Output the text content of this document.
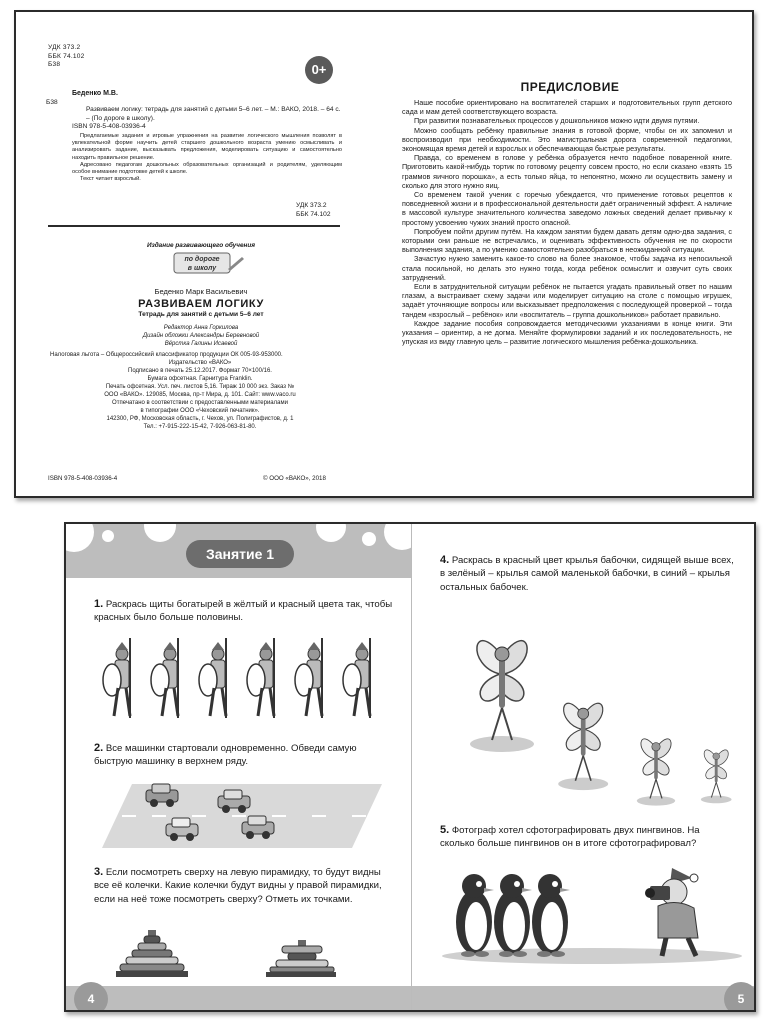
УДК 373.2
ББК 74.102
Б38	0+
Беденко М.В.
Б38
Развиваем логику: тетрадь для занятий с детьми 5–6 лет. – М.: ВАКО, 2018. – 64 с. – (По дороге в школу).
ISBN 978-5-408-03936-4

Предлагаемые задания и игровые упражнения на развитие логического мышления позволят в увлекательной форме научить детей старшего дошкольного возраста умению осмысливать и анализировать задание, высказывать предложения, моделировать ситуацию и самостоятельно находить правильное решение.

Адресовано педагогам дошкольных образовательных организаций и родителям, уделяющим особое внимание подготовке детей к школе.

Текст читает взрослый.

УДК 373.2
ББК 74.102
Издание развивающего обучения
по дороге
в школу
Беденко Марк Васильевич
РАЗВИВАЕМ ЛОГИКУ
Тетрадь для занятий с детьми 5–6 лет
Редактор Анна Горкилова
Дизайн обложки Александры Беревновой
Вёрстка Галины Исаевой
Налоговая льгота – Общероссийский классификатор продукции ОК 005-93-953000.
Издательство «ВАКО»
Подписано в печать 25.12.2017. Формат 70×100/16.
Бумага офсетная. Гарнитура Franklin.
Печать офсетная. Усл. печ. листов 5,16. Тираж 10 000 экз. Заказ №
ООО «ВАКО». 129085, Москва, пр-т Мира, д. 101. Сайт: www.vaco.ru
Отпечатано в соответствии с предоставленными материалами
в типографии ООО «Чеховский печатник».
142300, РФ, Московская область, г. Чехов, ул. Полиграфистов, д. 1
Тел.: +7-915-222-15-42, 7-926-063-81-80.
ISBN 978-5-408-03936-4	© ООО «ВАКО», 2018
ПРЕДИСЛОВИЕ

Наше пособие ориентировано на воспитателей старших и подготовительных групп детского сада и мам детей соответствующего возраста.

При развитии познавательных процессов у дошкольников можно идти двумя путями.

Можно сообщать ребёнку правильные знания в готовой форме, чтобы он их запомнил и воспроизводил при необходимости. Это магистральная дорога современной педагогики, экономящая время детей и взрослых и обеспечивающая быстрые результаты.

Правда, со временем в голове у ребёнка образуется нечто подобное поваренной книге. Приготовить какой-нибудь тортик по готовому рецепту совсем просто, но если сказано «взять 15 граммов яичного порошка», а есть только яйца, то непонятно, можно ли осуществить замену и сколько для этого нужно яиц.

Со временем такой ученик с горечью убеждается, что применение готовых рецептов к повседневной жизни и в профессиональной деятельности даёт ограниченный эффект. А наличие в массовой культуре значительного количества заведомо ложных сведений делает привычку к простому усвоению чужих знаний просто опасной.

Попробуем пойти другим путём. На каждом занятии будем давать детям одно-два задания, с которыми они раньше не встречались, и оценивать эффективность обучения не по скорости выполнения задания, а по умению самостоятельно разобраться в неожиданной ситуации.

Зачастую нужно заменить какое-то слово на более знакомое, чтобы задача из непосильной стала посильной, но делать это нужно тогда, когда ребёнок осмыслит и озвучит суть своих затруднений.

Если в затруднительной ситуации ребёнок не пытается угадать правильный ответ по нашим глазам, а выстраивает схему задачи или моделирует ситуацию на столе с помощью игрушек, задаёт уточняющие вопросы или высказывает предположения с последующей проверкой – тогда тандем «взрослый – ребёнок» или «воспитатель – группа дошкольников» работает правильно.

Каждое задание пособия сопровождается методическими указаниями в конце книги. Эти указания – ориентир, а не догма. Меняйте формулировки заданий и их последовательность, не упуская из виду главную цель – развитие логического мышления ребёнка-дошкольника.

Занятие 1
1. Раскрась щиты богатырей в жёлтый и красный цвета так, чтобы красных было больше половины.
2. Все машинки стартовали одновременно. Обведи самую быструю машинку в верхнем ряду.
3. Если посмотреть сверху на левую пирамидку, то будут видны все её колечки. Какие колечки будут видны у правой пирамидки, если на неё тоже посмотреть сверху? Отметь их точками.
4
4. Раскрась в красный цвет крылья бабочки, сидящей выше всех, в зелёный – крылья самой маленькой бабочки, в синий – крылья остальных бабочек.
5. Фотограф хотел сфотографировать двух пингвинов. На сколько больше пингвинов он в итоге сфотографировал?
5
